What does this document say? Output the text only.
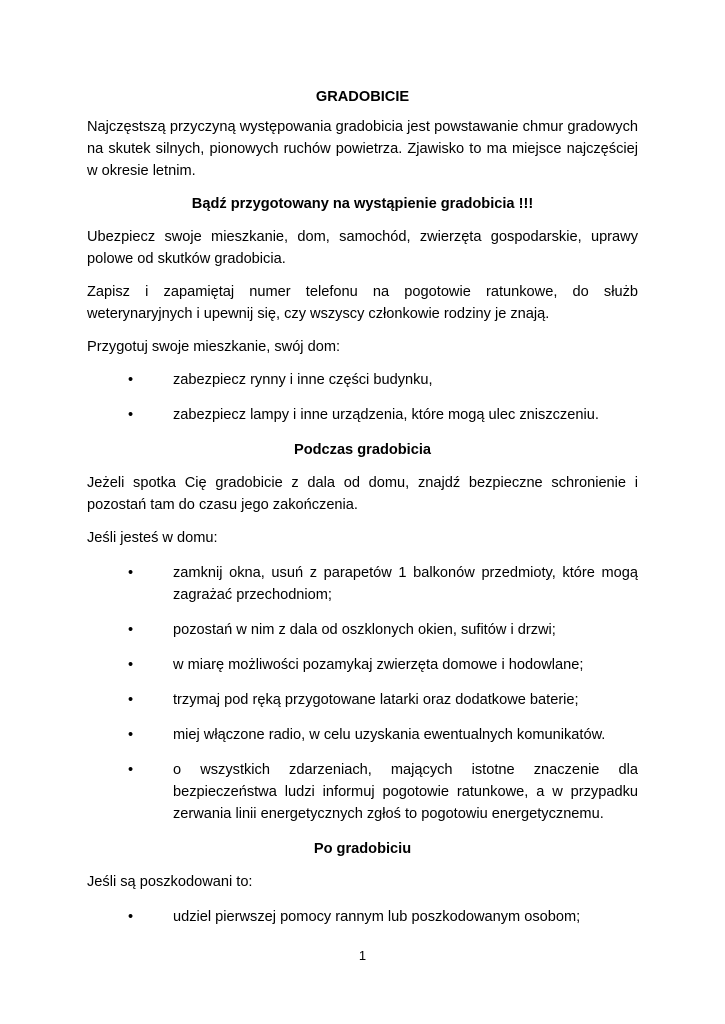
GRADOBICIE

Najczęstszą przyczyną występowania gradobicia jest powstawanie chmur gradowych na skutek silnych, pionowych ruchów powietrza. Zjawisko to ma miejsce najczęściej w okresie letnim.

Bądź przygotowany na wystąpienie gradobicia !!!

Ubezpiecz swoje mieszkanie, dom, samochód, zwierzęta gospodarskie, uprawy polowe od skutków gradobicia.

Zapisz i zapamiętaj numer telefonu na pogotowie ratunkowe, do służb weterynaryjnych i upewnij się, czy wszyscy członkowie rodziny je znają.

Przygotuj swoje mieszkanie, swój dom:

•	zabezpiecz rynny i inne części budynku,
•	zabezpiecz lampy i inne urządzenia, które mogą ulec zniszczeniu.

Podczas gradobicia

Jeżeli spotka Cię gradobicie z dala od domu, znajdź bezpieczne schronienie i pozostań tam do czasu jego zakończenia.

Jeśli jesteś w domu:

•	zamknij okna, usuń z parapetów 1 balkonów przedmioty, które mogą zagrażać przechodniom;
•	pozostań w nim z dala od oszklonych okien, sufitów i drzwi;
•	w miarę możliwości pozamykaj zwierzęta domowe i hodowlane;
•	trzymaj pod ręką przygotowane latarki oraz dodatkowe baterie;
•	miej włączone radio, w celu uzyskania ewentualnych komunikatów.
•	o wszystkich zdarzeniach, mających istotne znaczenie dla bezpieczeństwa ludzi informuj pogotowie ratunkowe, a w przypadku zerwania linii energetycznych zgłoś to pogotowiu energetycznemu.

Po gradobiciu

Jeśli są poszkodowani to:

•	udziel pierwszej pomocy rannym lub poszkodowanym osobom;
1
